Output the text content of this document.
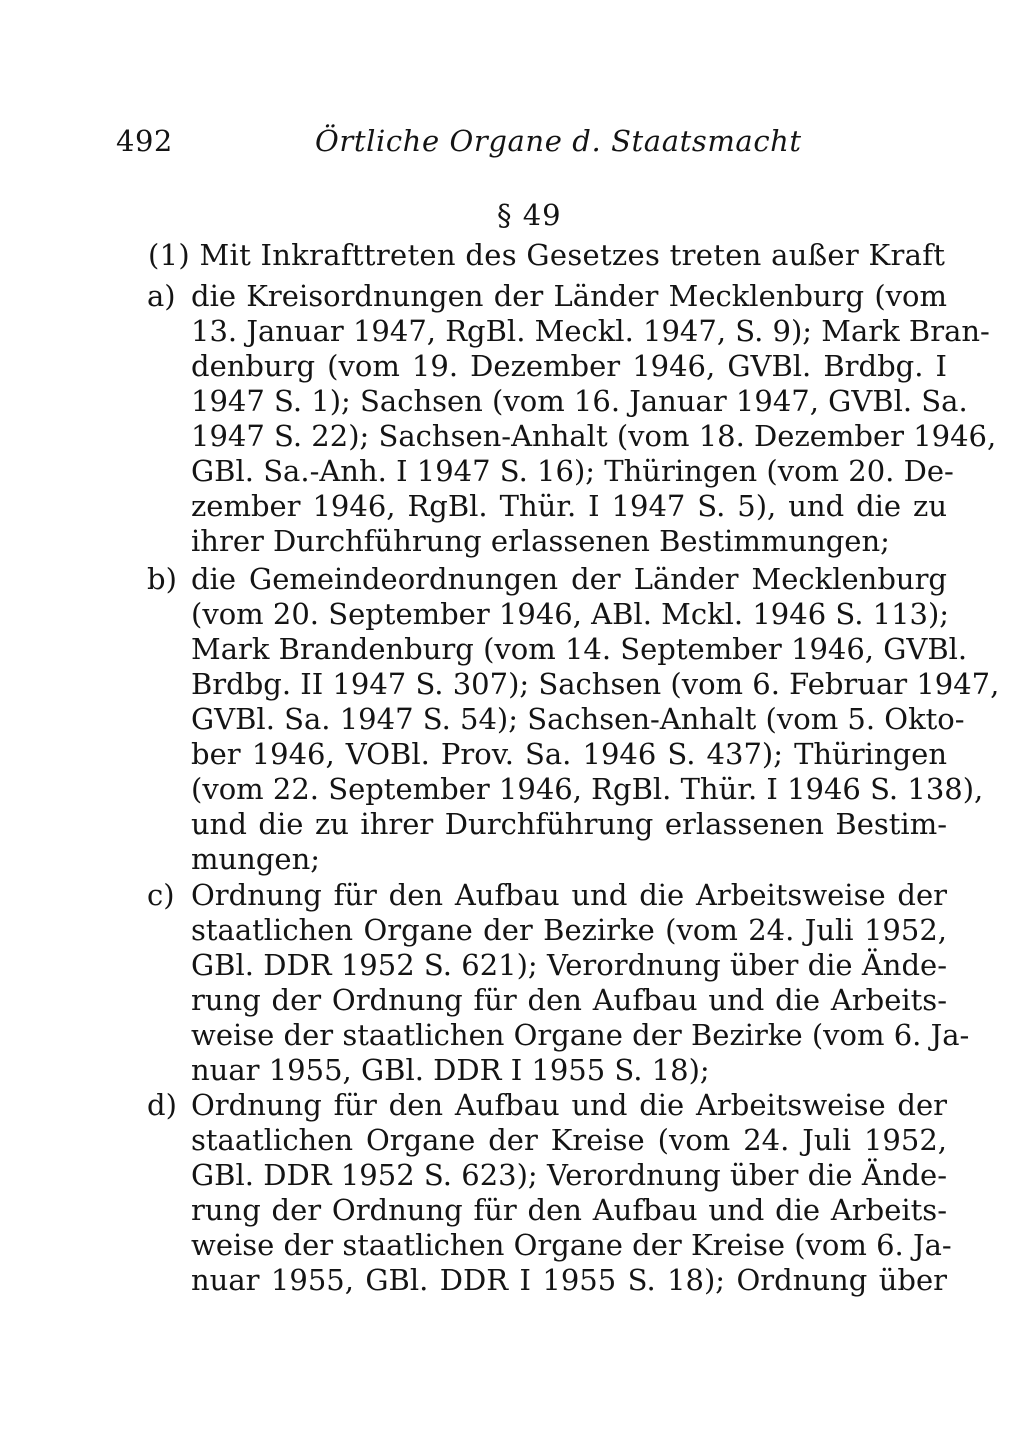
492	Örtliche Organe d. Staatsmacht
§ 49
(1) Mit Inkrafttreten des Gesetzes treten außer Kraft
a) die Kreisordnungen der Länder Mecklenburg (vom
13. Januar 1947, RgBl. Meckl. 1947, S. 9); Mark Bran-
denburg (vom 19. Dezember 1946, GVBl. Brdbg. I
1947 S. 1); Sachsen (vom 16. Januar 1947, GVBl. Sa.
1947 S. 22); Sachsen-Anhalt (vom 18. Dezember 1946,
GBl. Sa.-Anh. I 1947 S. 16); Thüringen (vom 20. De-
zember 1946, RgBl. Thür. I 1947 S. 5), und die zu
ihrer Durchführung erlassenen Bestimmungen;
b) die Gemeindeordnungen der Länder Mecklenburg
(vom 20. September 1946, ABl. Mckl. 1946 S. 113);
Mark Brandenburg (vom 14. September 1946, GVBl.
Brdbg. II 1947 S. 307); Sachsen (vom 6. Februar 1947,
GVBl. Sa. 1947 S. 54); Sachsen-Anhalt (vom 5. Okto-
ber 1946, VOBl. Prov. Sa. 1946 S. 437); Thüringen
(vom 22. September 1946, RgBl. Thür. I 1946 S. 138),
und die zu ihrer Durchführung erlassenen Bestim-
mungen;
c) Ordnung für den Aufbau und die Arbeitsweise der
staatlichen Organe der Bezirke (vom 24. Juli 1952,
GBl. DDR 1952 S. 621); Verordnung über die Ände-
rung der Ordnung für den Aufbau und die Arbeits-
weise der staatlichen Organe der Bezirke (vom 6. Ja-
nuar 1955, GBl. DDR I 1955 S. 18);
d) Ordnung für den Aufbau und die Arbeitsweise der
staatlichen Organe der Kreise (vom 24. Juli 1952,
GBl. DDR 1952 S. 623); Verordnung über die Ände-
rung der Ordnung für den Aufbau und die Arbeits-
weise der staatlichen Organe der Kreise (vom 6. Ja-
nuar 1955, GBl. DDR I 1955 S. 18); Ordnung über
